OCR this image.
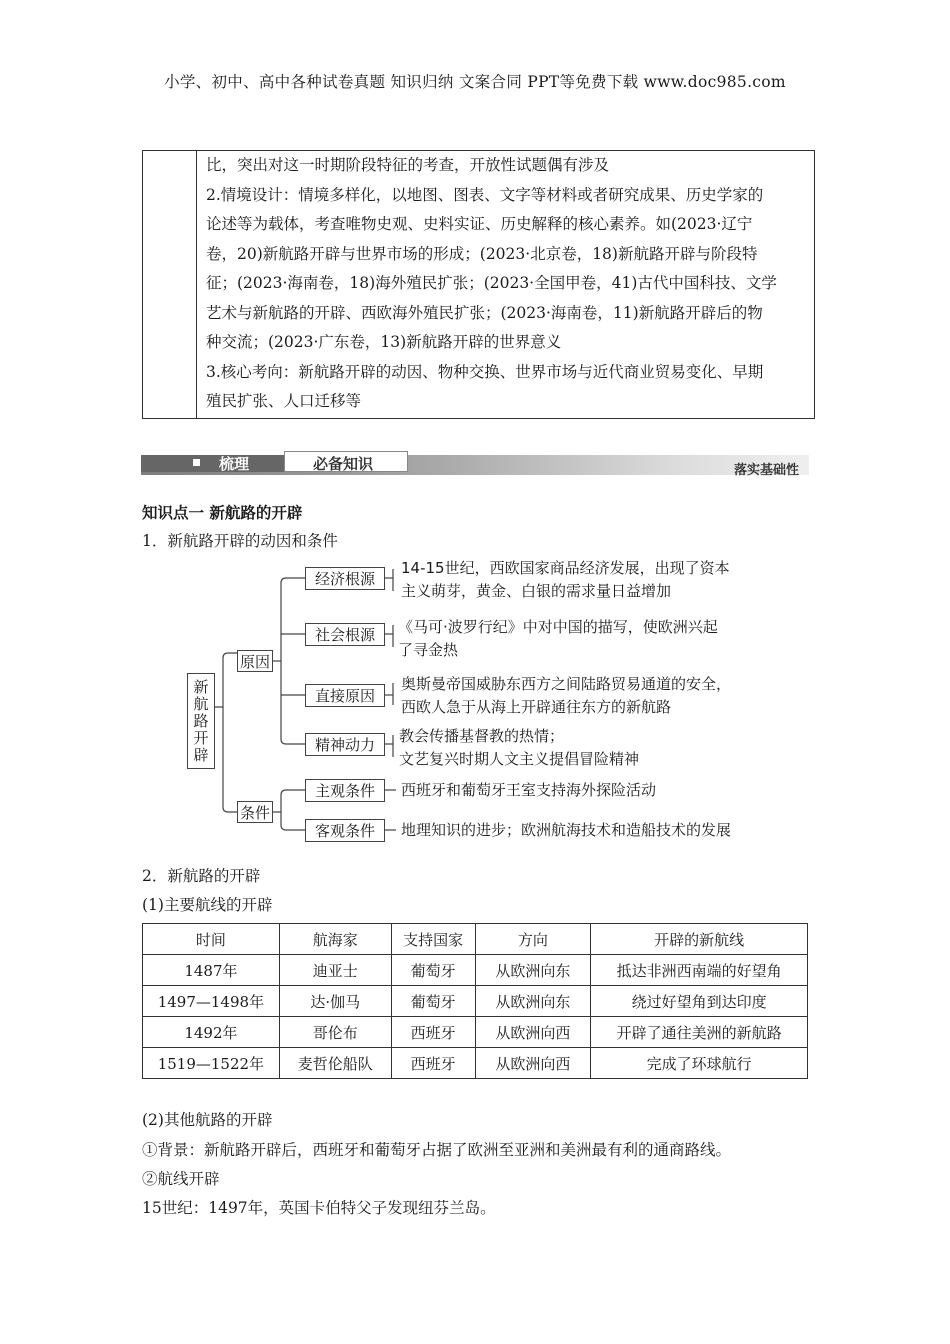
小学、初中、高中各种试卷真题 知识归纳 文案合同 PPT等免费下载 www.doc985.com
比，突出对这一时期阶段特征的考查，开放性试题偶有涉及
2.情境设计：情境多样化，以地图、图表、文字等材料或者研究成果、历史学家的
论述等为载体，考查唯物史观、史料实证、历史解释的核心素养。如(2023·辽宁
卷，20)新航路开辟与世界市场的形成；(2023·北京卷，18)新航路开辟与阶段特
征；(2023·海南卷，18)海外殖民扩张；(2023·全国甲卷，41)古代中国科技、文学
艺术与新航路的开辟、西欧海外殖民扩张；(2023·海南卷，11)新航路开辟后的物
种交流；(2023·广东卷，13)新航路开辟的世界意义
3.核心考向：新航路开辟的动因、物种交换、世界市场与近代商业贸易变化、早期
殖民扩张、人口迁移等
梳理	必备知识	落实基础性
知识点一 新航路的开辟
1．新航路开辟的动因和条件
新航路开辟
原因
条件
经济根源
社会根源
直接原因
精神动力
主观条件
客观条件
14-15世纪，西欧国家商品经济发展，出现了资本
主义萌芽，黄金、白银的需求量日益增加
《马可·波罗行纪》中对中国的描写，使欧洲兴起
了寻金热
奥斯曼帝国威胁东西方之间陆路贸易通道的安全，
西欧人急于从海上开辟通往东方的新航路
教会传播基督教的热情；
文艺复兴时期人文主义提倡冒险精神
西班牙和葡萄牙王室支持海外探险活动
地理知识的进步；欧洲航海技术和造船技术的发展
2．新航路的开辟
(1)主要航线的开辟
时间	航海家	支持国家	方向	开辟的新航线
1487年	迪亚士	葡萄牙	从欧洲向东	抵达非洲西南端的好望角
1497—1498年	达·伽马	葡萄牙	从欧洲向东	绕过好望角到达印度
1492年	哥伦布	西班牙	从欧洲向西	开辟了通往美洲的新航路
1519—1522年	麦哲伦船队	西班牙	从欧洲向西	完成了环球航行
(2)其他航路的开辟
①背景：新航路开辟后，西班牙和葡萄牙占据了欧洲至亚洲和美洲最有利的通商路线。
②航线开辟
15世纪：1497年，英国卡伯特父子发现纽芬兰岛。
